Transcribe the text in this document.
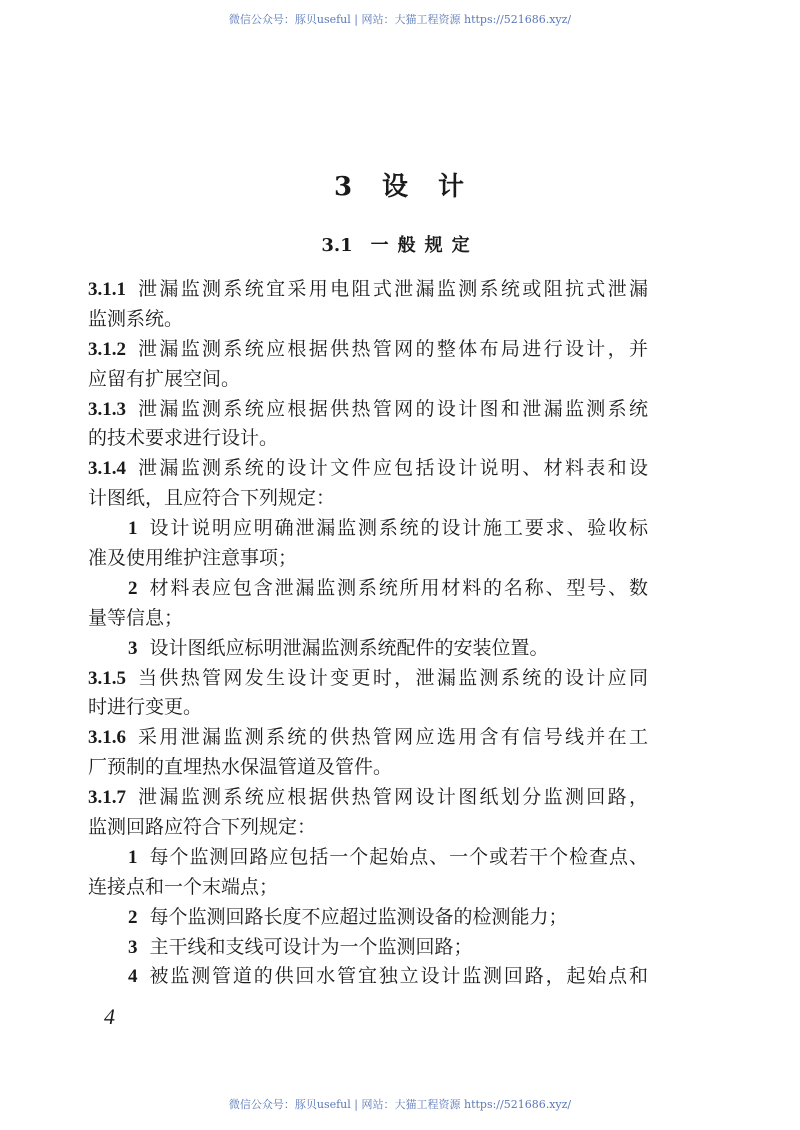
微信公众号：豚贝useful | 网站：大猫工程资源 https://521686.xyz/
3 设 计
3.1 一般规定
3.1.1 泄漏监测系统宜采用电阻式泄漏监测系统或阻抗式泄漏
监测系统。
3.1.2 泄漏监测系统应根据供热管网的整体布局进行设计，并
应留有扩展空间。
3.1.3 泄漏监测系统应根据供热管网的设计图和泄漏监测系统
的技术要求进行设计。
3.1.4 泄漏监测系统的设计文件应包括设计说明、材料表和设
计图纸，且应符合下列规定：
1 设计说明应明确泄漏监测系统的设计施工要求、验收标
准及使用维护注意事项；
2 材料表应包含泄漏监测系统所用材料的名称、型号、数
量等信息；
3 设计图纸应标明泄漏监测系统配件的安装位置。
3.1.5 当供热管网发生设计变更时，泄漏监测系统的设计应同
时进行变更。
3.1.6 采用泄漏监测系统的供热管网应选用含有信号线并在工
厂预制的直埋热水保温管道及管件。
3.1.7 泄漏监测系统应根据供热管网设计图纸划分监测回路，
监测回路应符合下列规定：
1 每个监测回路应包括一个起始点、一个或若干个检查点、
连接点和一个末端点；
2 每个监测回路长度不应超过监测设备的检测能力；
3 主干线和支线可设计为一个监测回路；
4 被监测管道的供回水管宜独立设计监测回路，起始点和
4
微信公众号：豚贝useful | 网站：大猫工程资源 https://521686.xyz/
